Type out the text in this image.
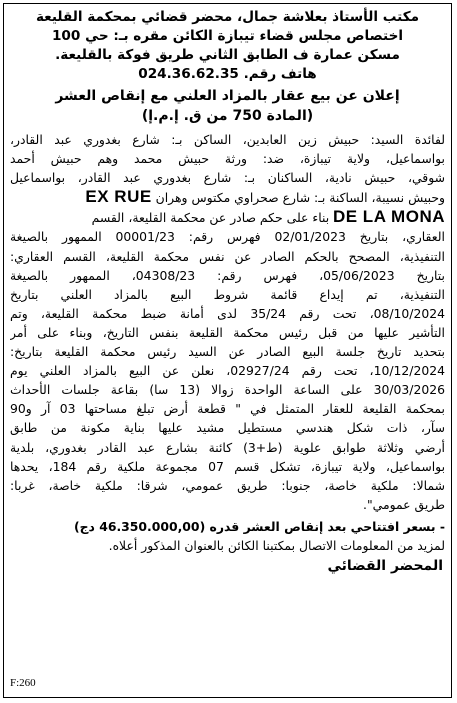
مكتب الأستاذ بعلاشة جمال، محضر قضائي بمحكمة القليعة
اختصاص مجلس قضاء تيبازة الكائن مقره بـ: حي 100
مسكن عمارة ف الطابق الثاني طريق فوكة بالقليعة.
هاتف رقم. 024.36.62.35
إعلان عن بيع عقار بالمزاد العلني مع إنقاص العشر
(المادة 750 من ق. إ.م.إ)
لفائدة السيد: حبيش زين العابدين، الساكن بـ: شارع بغدوري عبد القادر،
بواسماعيل، ولاية تيبازة، ضد: ورثة حبيش محمد وهم حبيش أحمد
شوقي، حبيش نادية، الساكنان بـ: شارع بغدوري عبد القادر، بواسماعيل
وحبيش نسيبة، الساكنة بـ: شارع صحراوي مكتوس وهران EX RUE
DE LA MONA بناء على حكم صادر عن محكمة القليعة، القسم
العقاري، بتاريخ 02/01/2023 فهرس رقم: 00001/23 الممهور بالصيغة
التنفيذية، المصحح بالحكم الصادر عن نفس محكمة القليعة، القسم العقاري:
بتاريخ 05/06/2023، فهرس رقم: 04308/23، الممهور بالصيغة
التنفيذية، تم إيداع قائمة شروط البيع بالمزاد العلني بتاريخ
08/10/2024، تحت رقم 35/24 لدى أمانة ضبط محكمة القليعة، وتم
التأشير عليها من قبل رئيس محكمة القليعة بنفس التاريخ، وبناء على أمر
بتحديد تاريخ جلسة البيع الصادر عن السيد رئيس محكمة القليعة بتاريخ:
10/12/2024، تحت رقم 02927/24، نعلن عن البيع بالمزاد العلني يوم
30/03/2026 على الساعة الواحدة زوالا (13 سا) بقاعة جلسات الأحداث
بمحكمة القليعة للعقار المتمثل في " قطعة أرض تبلغ مساحتها 03 آر و90
سآر، ذات شكل هندسي مستطيل مشيد عليها بناية مكونة من طابق
أرضي وثلاثة طوابق علوية (ط+3) كائنة بشارع عبد القادر بغدوري، بلدية
بواسماعيل، ولاية تيبازة، تشكل قسم 07 مجموعة ملكية رقم 184، يحدها
شمالا: ملكية خاصة، جنوبا: طريق عمومي، شرقا: ملكية خاصة، غربا:
طريق عمومي".
- بسعر افتتاحي بعد إنقاص العشر قدره (46.350.000,00 دج)
لمزيد من المعلومات الاتصال بمكتبنا الكائن بالعنوان المذكور أعلاه.
المحضر القضائي
F:260
